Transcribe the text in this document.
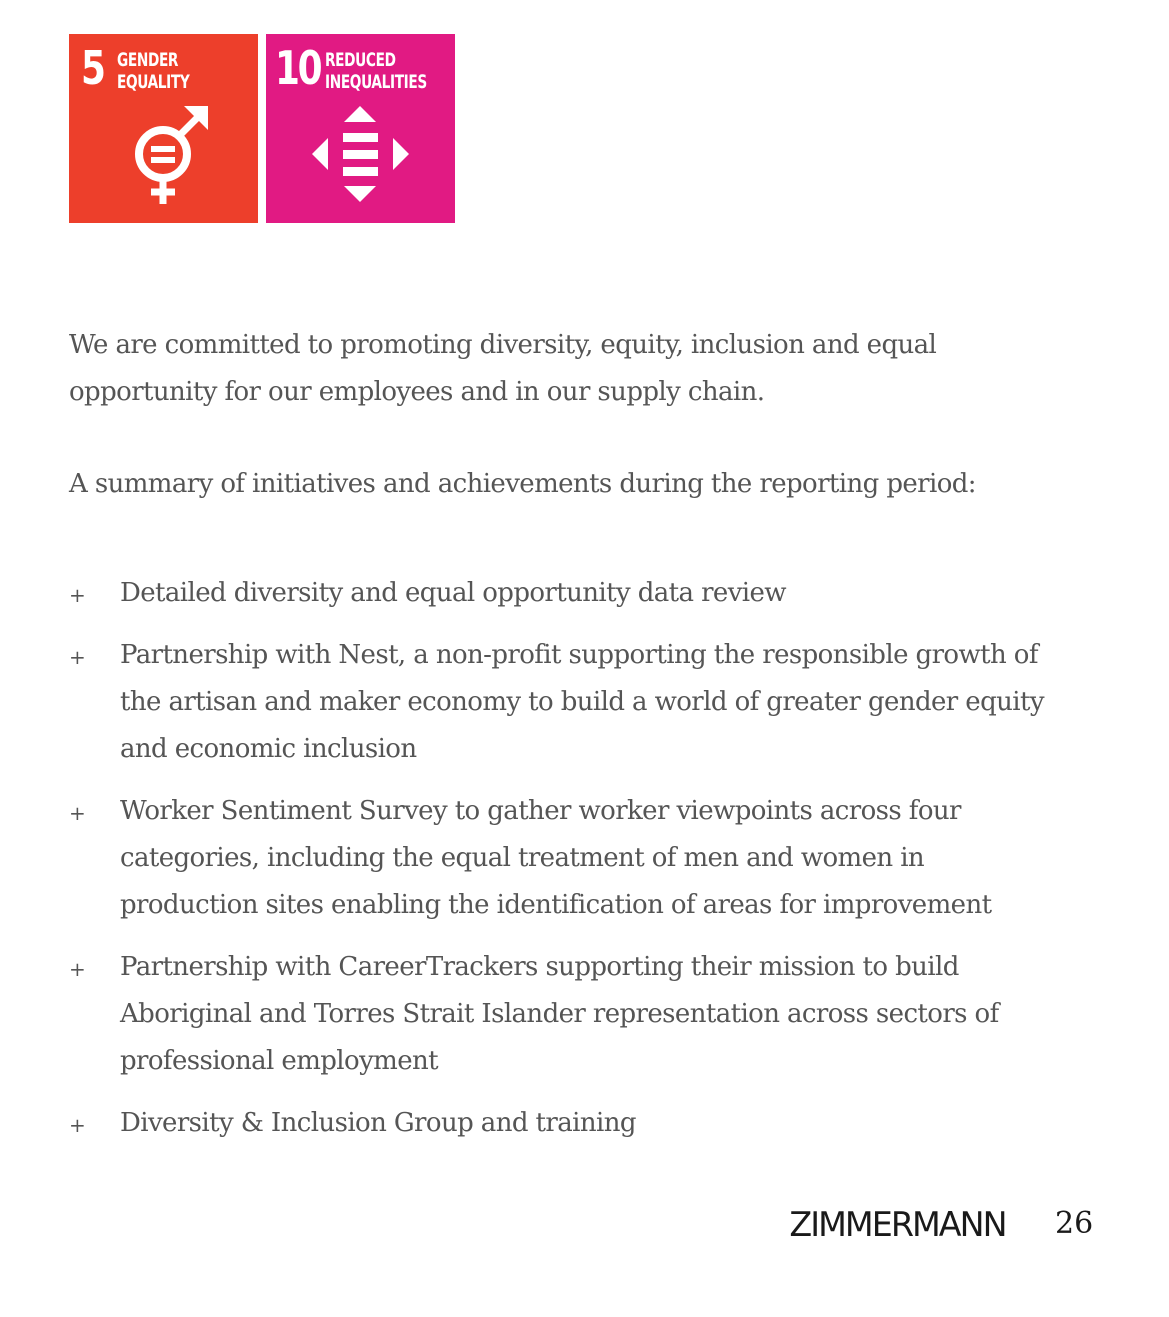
5 GENDER
EQUALITY 10 REDUCED
INEQUALITIES

We are committed to promoting diversity, equity, inclusion and equal opportunity for our employees and in our supply chain.

A summary of initiatives and achievements during the reporting period:

+ Detailed diversity and equal opportunity data review
+ Partnership with Nest, a non-profit supporting the responsible growth of the artisan and maker economy to build a world of greater gender equity and economic inclusion
+ Worker Sentiment Survey to gather worker viewpoints across four categories, including the equal treatment of men and women in production sites enabling the identification of areas for improvement
+ Partnership with CareerTrackers supporting their mission to build Aboriginal and Torres Strait Islander representation across sectors of professional employment
+ Diversity & Inclusion Group and training
ZIMMERMANN 26
